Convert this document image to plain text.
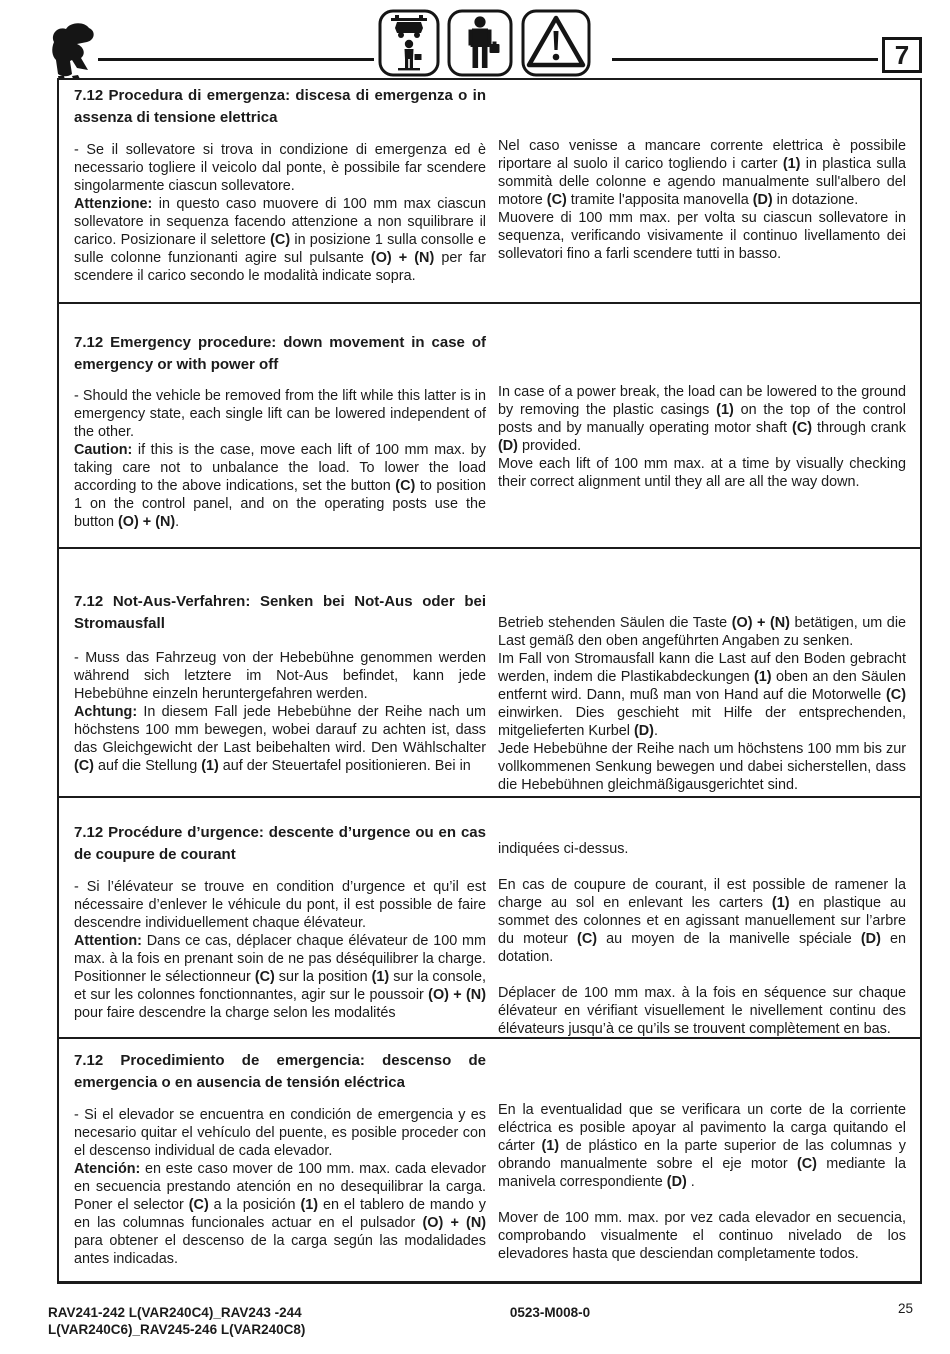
7
7.12 Procedura di emergenza: discesa di emergenza o in assenza di tensione elettrica

- Se il sollevatore si trova in condizione di emergenza ed è necessario togliere il veicolo dal ponte, è possibile far scendere singolarmente ciascun sollevatore.

Attenzione: in questo caso muovere di 100 mm max ciascun sollevatore in sequenza facendo attenzione a non squilibrare il carico. Posizionare il selettore (C) in posizione 1 sulla consolle e sulle colonne funzionanti agire sul pulsante (O) + (N) per far scendere il carico secondo le modalità indicate sopra.

Nel caso venisse a mancare corrente elettrica è possibile riportare al suolo il carico togliendo i carter (1) in plastica sulla sommità delle colonne e agendo manualmente sull'albero del motore (C) tramite l'apposita manovella (D) in dotazione.

Muovere di 100 mm max. per volta su ciascun sollevatore in sequenza, verificando visivamente il continuo livellamento dei sollevatori fino a farli scendere tutti in basso.

7.12 Emergency procedure: down movement in case of emergency or with power off

- Should the vehicle be removed from the lift while this latter is in emergency state, each single lift can be lowered independent of the other.

Caution: if this is the case, move each lift of 100 mm max. by taking care not to unbalance the load. To lower the load according to the above indications, set the button (C) to position 1 on the control panel, and on the operating posts use the button (O) + (N).

In case of a power break, the load can be lowered to the ground by removing the plastic casings (1) on the top of the control posts and by manually operating motor shaft (C) through crank (D) provided.

Move each lift of 100 mm max. at a time by visually checking their correct alignment until they all are all the way down.

7.12 Not-Aus-Verfahren: Senken bei Not-Aus oder bei Stromausfall

- Muss das Fahrzeug von der Hebebühne genommen werden während sich letztere im Not-Aus befindet, kann jede Hebebühne einzeln heruntergefahren werden.

Achtung: In diesem Fall jede Hebebühne der Reihe nach um höchstens 100 mm bewegen, wobei darauf zu achten ist, dass das Gleichgewicht der Last beibehalten wird. Den Wählschalter (C) auf die Stellung (1) auf der Steuertafel positionieren. Bei in

Betrieb stehenden Säulen die Taste (O) + (N) betätigen, um die Last gemäß den oben angeführten Angaben zu senken.

Im Fall von Stromausfall kann die Last auf den Boden gebracht werden, indem die Plastikabdeckungen (1) oben an den Säulen entfernt wird. Dann, muß man von Hand auf die Motorwelle (C) einwirken. Dies geschieht mit Hilfe der entsprechenden, mitgelieferten Kurbel (D).

Jede Hebebühne der Reihe nach um höchstens 100 mm bis zur vollkommenen Senkung bewegen und dabei sicherstellen, dass die Hebebühnen gleichmäßigausgerichtet sind.

7.12 Procédure d’urgence: descente d’urgence ou en cas de coupure de courant

- Si l’élévateur se trouve en condition d’urgence et qu’il est nécessaire d’enlever le véhicule du pont, il est possible de faire descendre individuellement chaque élévateur.

Attention: Dans ce cas, déplacer chaque élévateur de 100 mm max. à la fois en prenant soin de ne pas déséquilibrer la charge. Positionner le sélectionneur (C) sur la position (1) sur la console, et sur les colonnes fonctionnantes, agir sur le poussoir (O) + (N) pour faire descendre la charge selon les modalités

indiquées ci-dessus.

En cas de coupure de courant, il est possible de ramener la charge au sol en enlevant les carters (1) en plastique au sommet des colonnes et en agissant manuellement sur l’arbre du moteur (C) au moyen de la manivelle spéciale (D) en dotation.

Déplacer de 100 mm max. à la fois en séquence sur chaque élévateur en vérifiant visuellement le nivellement continu des élévateurs jusqu’à ce qu’ils se trouvent complètement en bas.

7.12 Procedimiento de emergencia: descenso de emergencia o en ausencia de tensión eléctrica

- Si el elevador se encuentra en condición de emergencia y es necesario quitar el vehículo del puente, es posible proceder con el descenso individual de cada elevador.

Atención: en este caso mover de 100 mm. max. cada elevador en secuencia prestando atención en no desequilibrar la carga. Poner el selector (C) a la posición (1) en el tablero de mando y en las columnas funcionales actuar en el pulsador (O) + (N) para obtener el descenso de la carga según las modalidades antes indicadas.

En la eventualidad que se verificara un corte de la corriente eléctrica es posible apoyar al pavimento la carga quitando el cárter (1) de plástico en la parte superior de las columnas y obrando manualmente sobre el eje motor (C) mediante la manivela correspondiente (D) .

Mover de 100 mm. max. por vez cada elevador en secuencia, comprobando visualmente el continuo nivelado de los elevadores hasta que desciendan completamente todos.

RAV241-242 L(VAR240C4)_RAV243 -244
L(VAR240C6)_RAV245-246 L(VAR240C8)
0523-M008-0	25
